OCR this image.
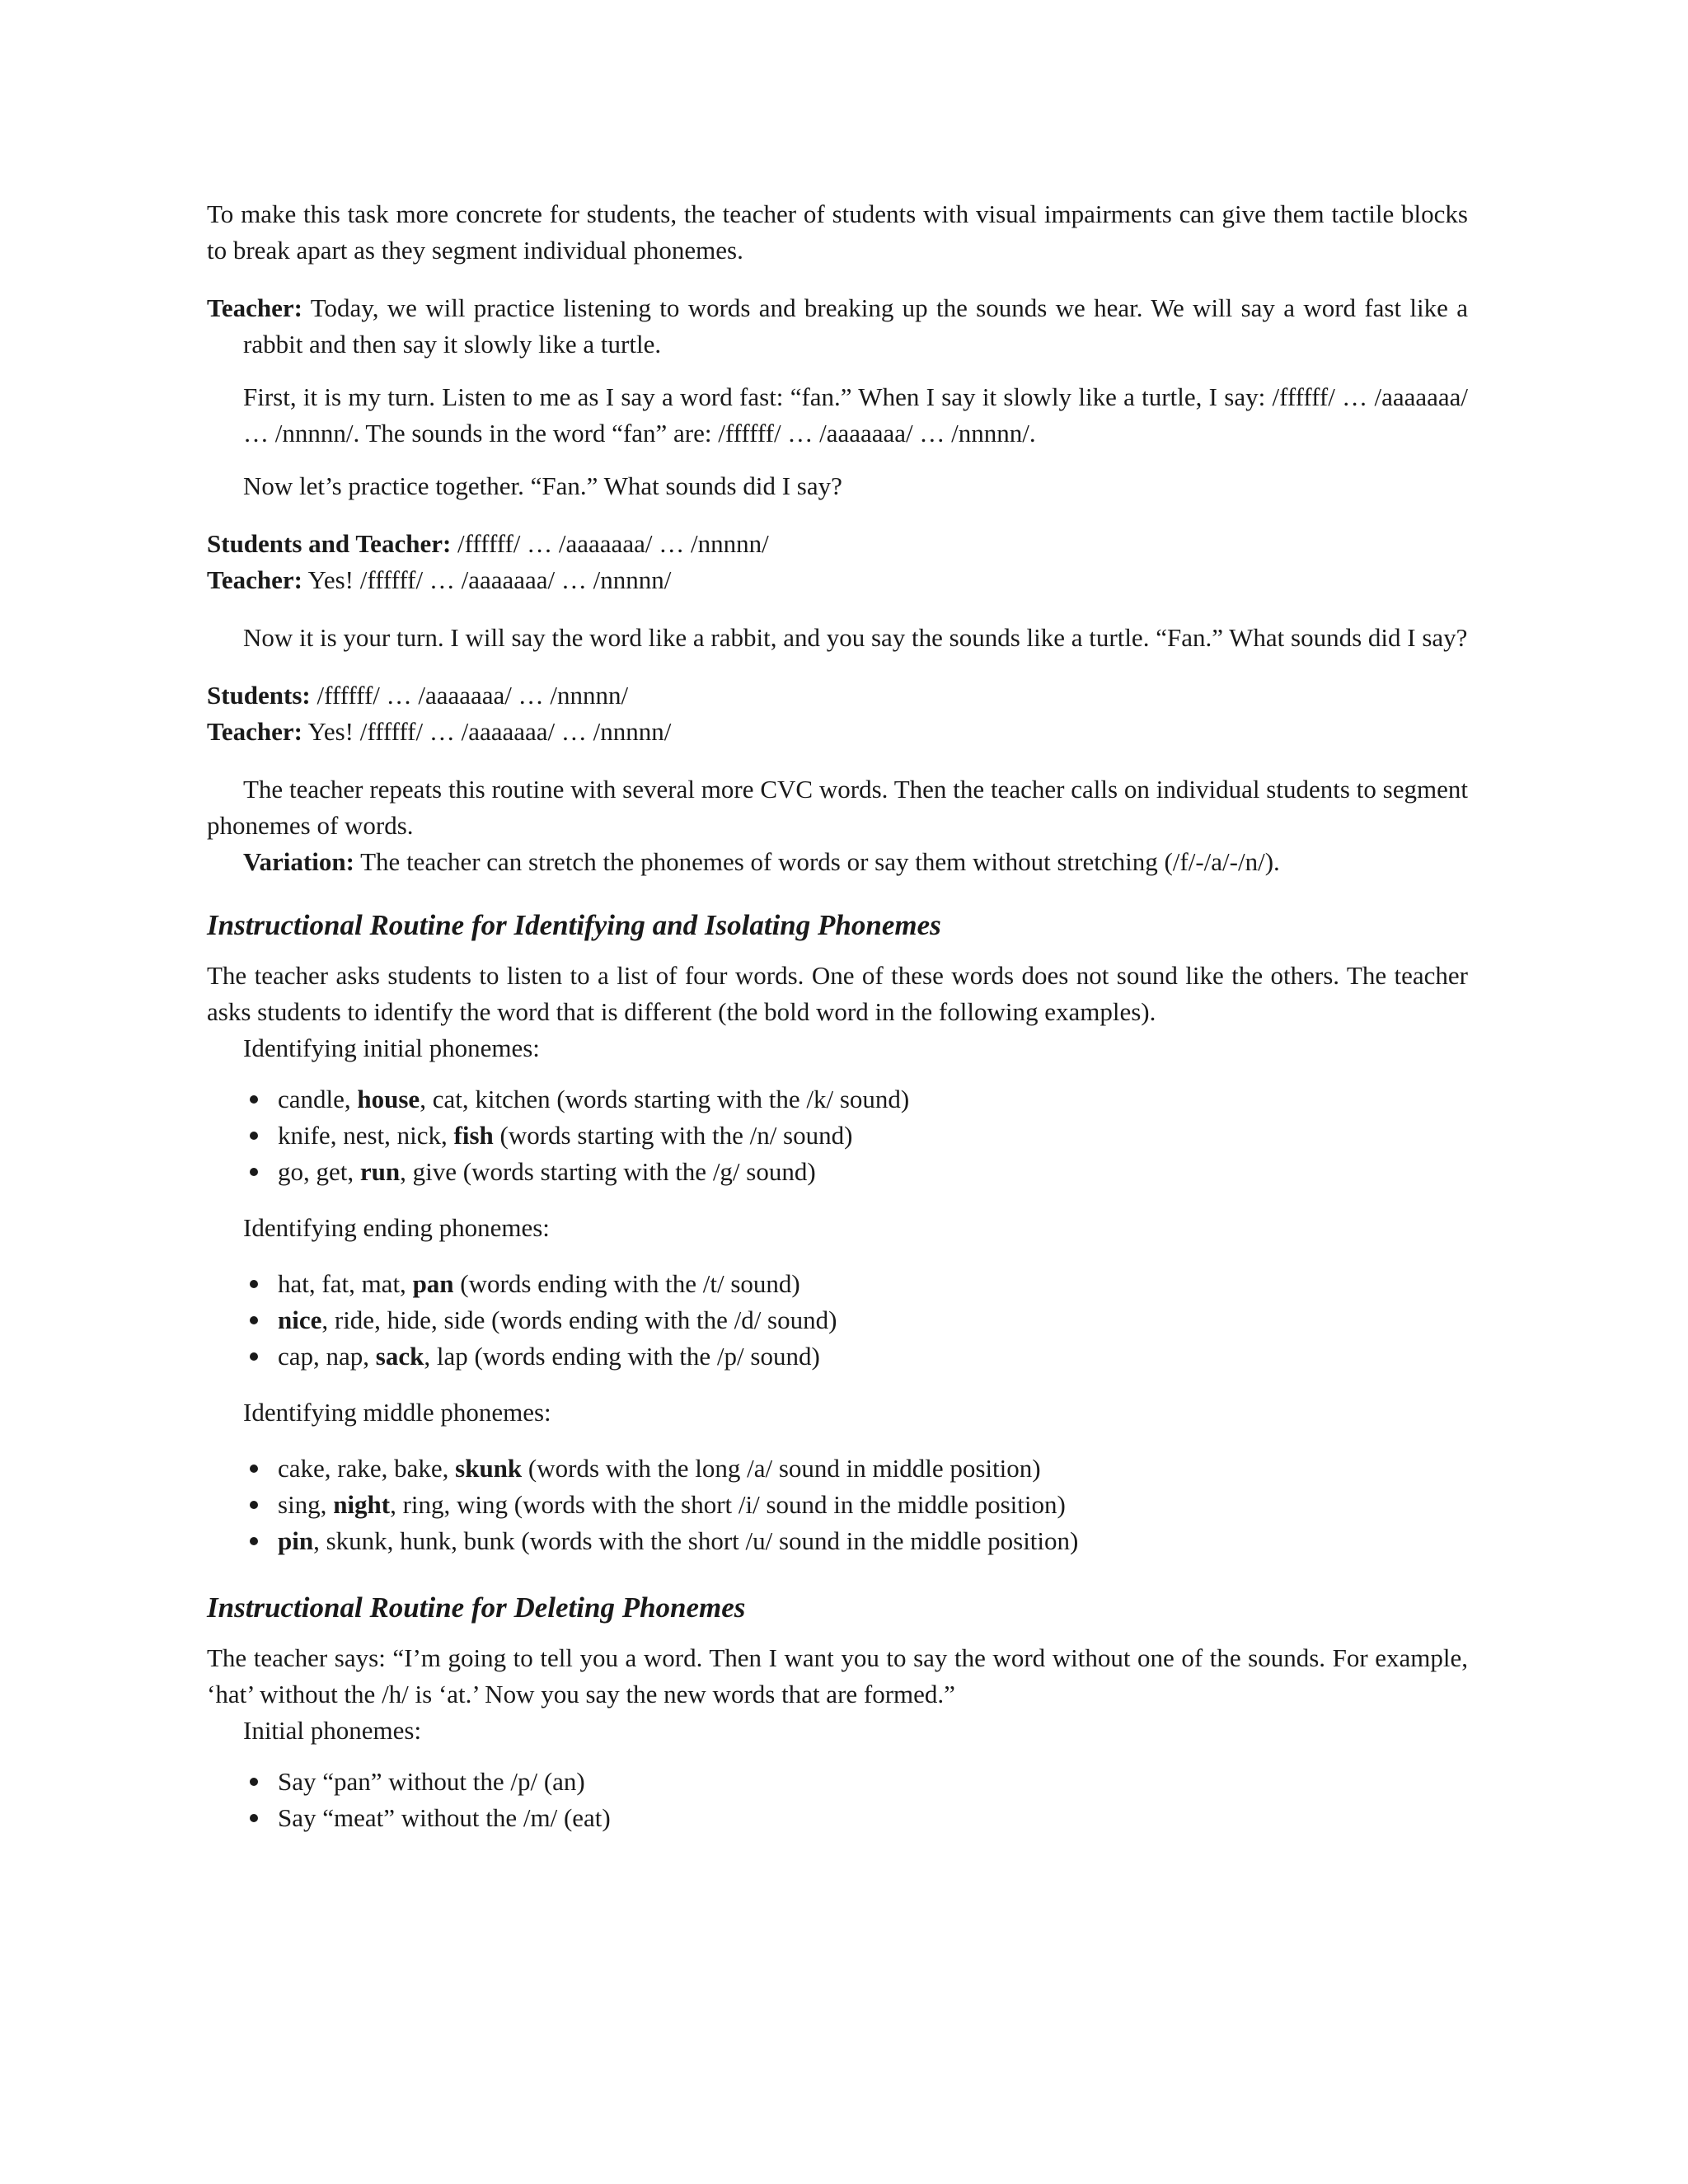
To make this task more concrete for students, the teacher of students with visual impairments can give them tactile blocks to break apart as they segment individual phonemes.

Teacher: Today, we will practice listening to words and breaking up the sounds we hear. We will say a word fast like a rabbit and then say it slowly like a turtle.

First, it is my turn. Listen to me as I say a word fast: “fan.” When I say it slowly like a turtle, I say: /ffffff/ … /aaaaaaa/ … /nnnnn/. The sounds in the word “fan” are: /ffffff/ … /aaaaaaa/ … /nnnnn/.

Now let’s practice together. “Fan.” What sounds did I say?

Students and Teacher: /ffffff/ … /aaaaaaa/ … /nnnnn/

Teacher: Yes! /ffffff/ … /aaaaaaa/ … /nnnnn/

Now it is your turn. I will say the word like a rabbit, and you say the sounds like a turtle. “Fan.” What sounds did I say?

Students: /ffffff/ … /aaaaaaa/ … /nnnnn/

Teacher: Yes! /ffffff/ … /aaaaaaa/ … /nnnnn/

The teacher repeats this routine with several more CVC words. Then the teacher calls on individual students to segment phonemes of words.

Variation: The teacher can stretch the phonemes of words or say them without stretching (/f/-/a/-/n/).

Instructional Routine for Identifying and Isolating Phonemes

The teacher asks students to listen to a list of four words. One of these words does not sound like the others. The teacher asks students to identify the word that is different (the bold word in the following examples).

Identifying initial phonemes:

candle, house, cat, kitchen (words starting with the /k/ sound)
knife, nest, nick, fish (words starting with the /n/ sound)
go, get, run, give (words starting with the /g/ sound)

Identifying ending phonemes:

hat, fat, mat, pan (words ending with the /t/ sound)
nice, ride, hide, side (words ending with the /d/ sound)
cap, nap, sack, lap (words ending with the /p/ sound)

Identifying middle phonemes:

cake, rake, bake, skunk (words with the long /a/ sound in middle position)
sing, night, ring, wing (words with the short /i/ sound in the middle position)
pin, skunk, hunk, bunk (words with the short /u/ sound in the middle position)
Instructional Routine for Deleting Phonemes

The teacher says: “I’m going to tell you a word. Then I want you to say the word without one of the sounds. For example, ‘hat’ without the /h/ is ‘at.’ Now you say the new words that are formed.”

Initial phonemes:

Say “pan” without the /p/ (an)
Say “meat” without the /m/ (eat)
